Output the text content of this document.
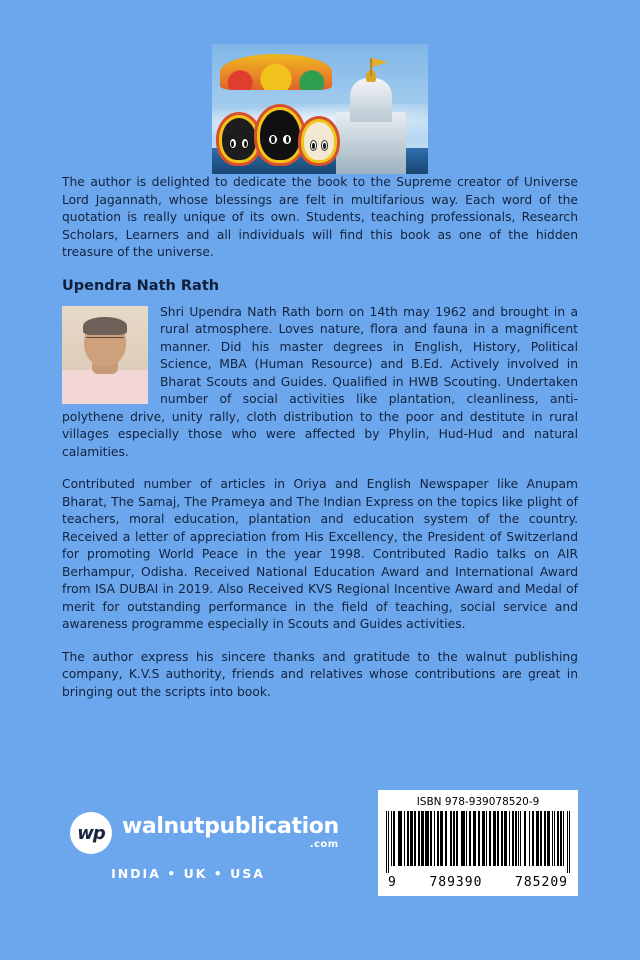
The author is delighted to dedicate the book to the Supreme creator of Universe Lord Jagannath, whose blessings are felt in multifarious way. Each word of the quotation is really unique of its own. Students, teaching professionals, Research Scholars, Learners and all individuals will find this book as one of the hidden treasure of the universe.

Upendra Nath Rath

Shri Upendra Nath Rath born on 14th may 1962 and brought in a rural atmosphere. Loves nature, flora and fauna in a magnificent manner. Did his master degrees in English, History, Political Science, MBA (Human Resource) and B.Ed. Actively involved in Bharat Scouts and Guides. Qualified in HWB Scouting. Undertaken number of social activities like plantation, cleanliness, anti-polythene drive, unity rally, cloth distribution to the poor and destitute in rural villages especially those who were affected by Phylin, Hud-Hud and natural calamities.

Contributed number of articles in Oriya and English Newspaper like Anupam Bharat, The Samaj, The Prameya and The Indian Express on the topics like plight of teachers, moral education, plantation and education system of the country. Received a letter of appreciation from His Excellency, the President of Switzerland for promoting World Peace in the year 1998. Contributed Radio talks on AIR Berhampur, Odisha. Received National Education Award and International Award from ISA DUBAI in 2019. Also Received KVS Regional Incentive Award and Medal of merit for outstanding performance in the field of teaching, social service and awareness programme especially in Scouts and Guides activities.

The author express his sincere thanks and gratitude to the walnut publishing company, K.V.S authority, friends and relatives whose contributions are great in bringing out the scripts into book.

wp walnutpublication
.com
INDIA • UK • USA
ISBN 978-939078520-9
9	789390	785209
